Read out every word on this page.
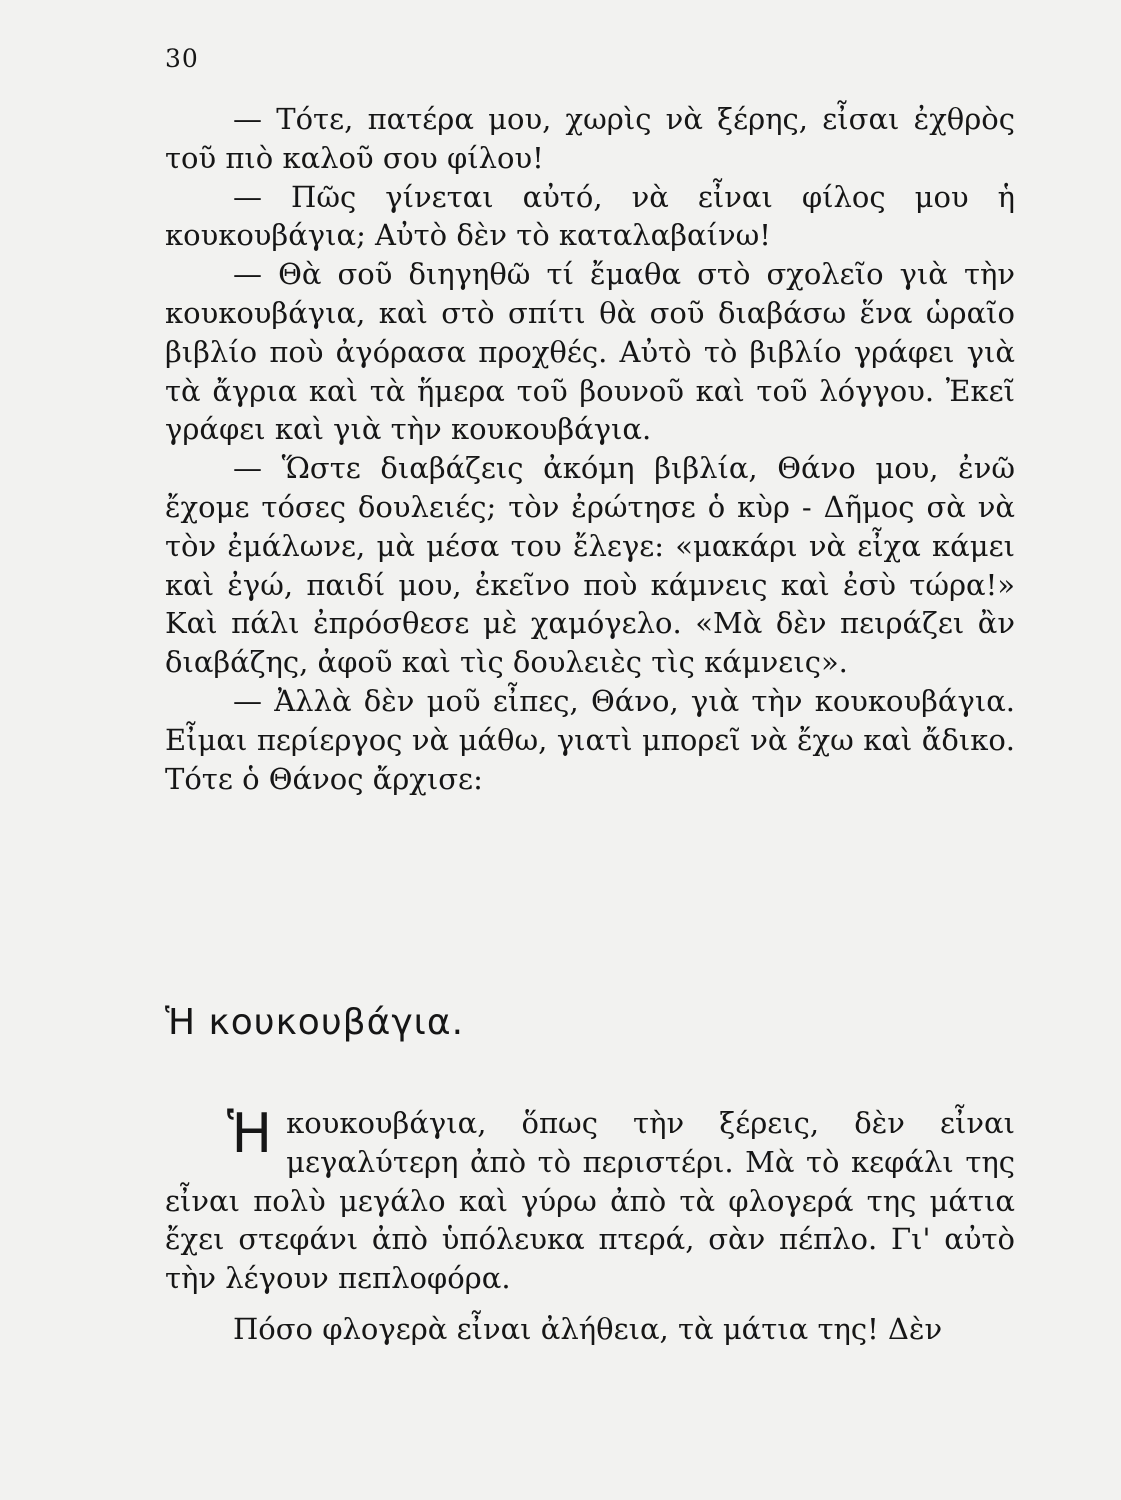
30

— Τότε, πατέρα μου, χωρὶς νὰ ξέρης, εἶσαι ἐχθρὸς τοῦ πιὸ καλοῦ σου φίλου!

— Πῶς γίνεται αὐτό, νὰ εἶναι φίλος μου ἡ κουκουβάγια; Αὐτὸ δὲν τὸ καταλαβαίνω!

— Θὰ σοῦ διηγηθῶ τί ἔμαθα στὸ σχολεῖο γιὰ τὴν κουκουβάγια, καὶ στὸ σπίτι θὰ σοῦ διαβάσω ἕνα ὡραῖο βιβλίο ποὺ ἀγόρασα προχθές. Αὐτὸ τὸ βιβλίο γράφει γιὰ τὰ ἄγρια καὶ τὰ ἥμερα τοῦ βουνοῦ καὶ τοῦ λόγγου. Ἐκεῖ γράφει καὶ γιὰ τὴν κουκουβάγια.

— Ὥστε διαβάζεις ἀκόμη βιβλία, Θάνο μου, ἐνῶ ἔχομε τόσες δουλειές; τὸν ἐρώτησε ὁ κὺρ - Δῆμος σὰ νὰ τὸν ἐμάλωνε, μὰ μέσα του ἔλεγε: «μακάρι νὰ εἶχα κάμει καὶ ἐγώ, παιδί μου, ἐκεῖνο ποὺ κάμνεις καὶ ἐσὺ τώρα!» Καὶ πάλι ἐπρόσθεσε μὲ χαμόγελο. «Μὰ δὲν πειράζει ἂν διαβάζης, ἀφοῦ καὶ τὶς δουλειὲς τὶς κάμνεις».

— Ἀλλὰ δὲν μοῦ εἶπες, Θάνο, γιὰ τὴν κουκουβάγια. Εἶμαι περίεργος νὰ μάθω, γιατὶ μπορεῖ νὰ ἔχω καὶ ἄδικο. Τότε ὁ Θάνος ἄρχισε:

Ἡ κουκουβάγια.

Ἡ κουκουβάγια, ὅπως τὴν ξέρεις, δὲν εἶναι μεγαλύτερη ἀπὸ τὸ περιστέρι. Μὰ τὸ κεφάλι της εἶναι πολὺ μεγάλο καὶ γύρω ἀπὸ τὰ φλογερά της μάτια ἔχει στεφάνι ἀπὸ ὑπόλευκα πτερά, σὰν πέπλο. Γι' αὐτὸ τὴν λέγουν πεπλοφόρα.

Πόσο φλογερὰ εἶναι ἀλήθεια, τὰ μάτια της! Δὲν
